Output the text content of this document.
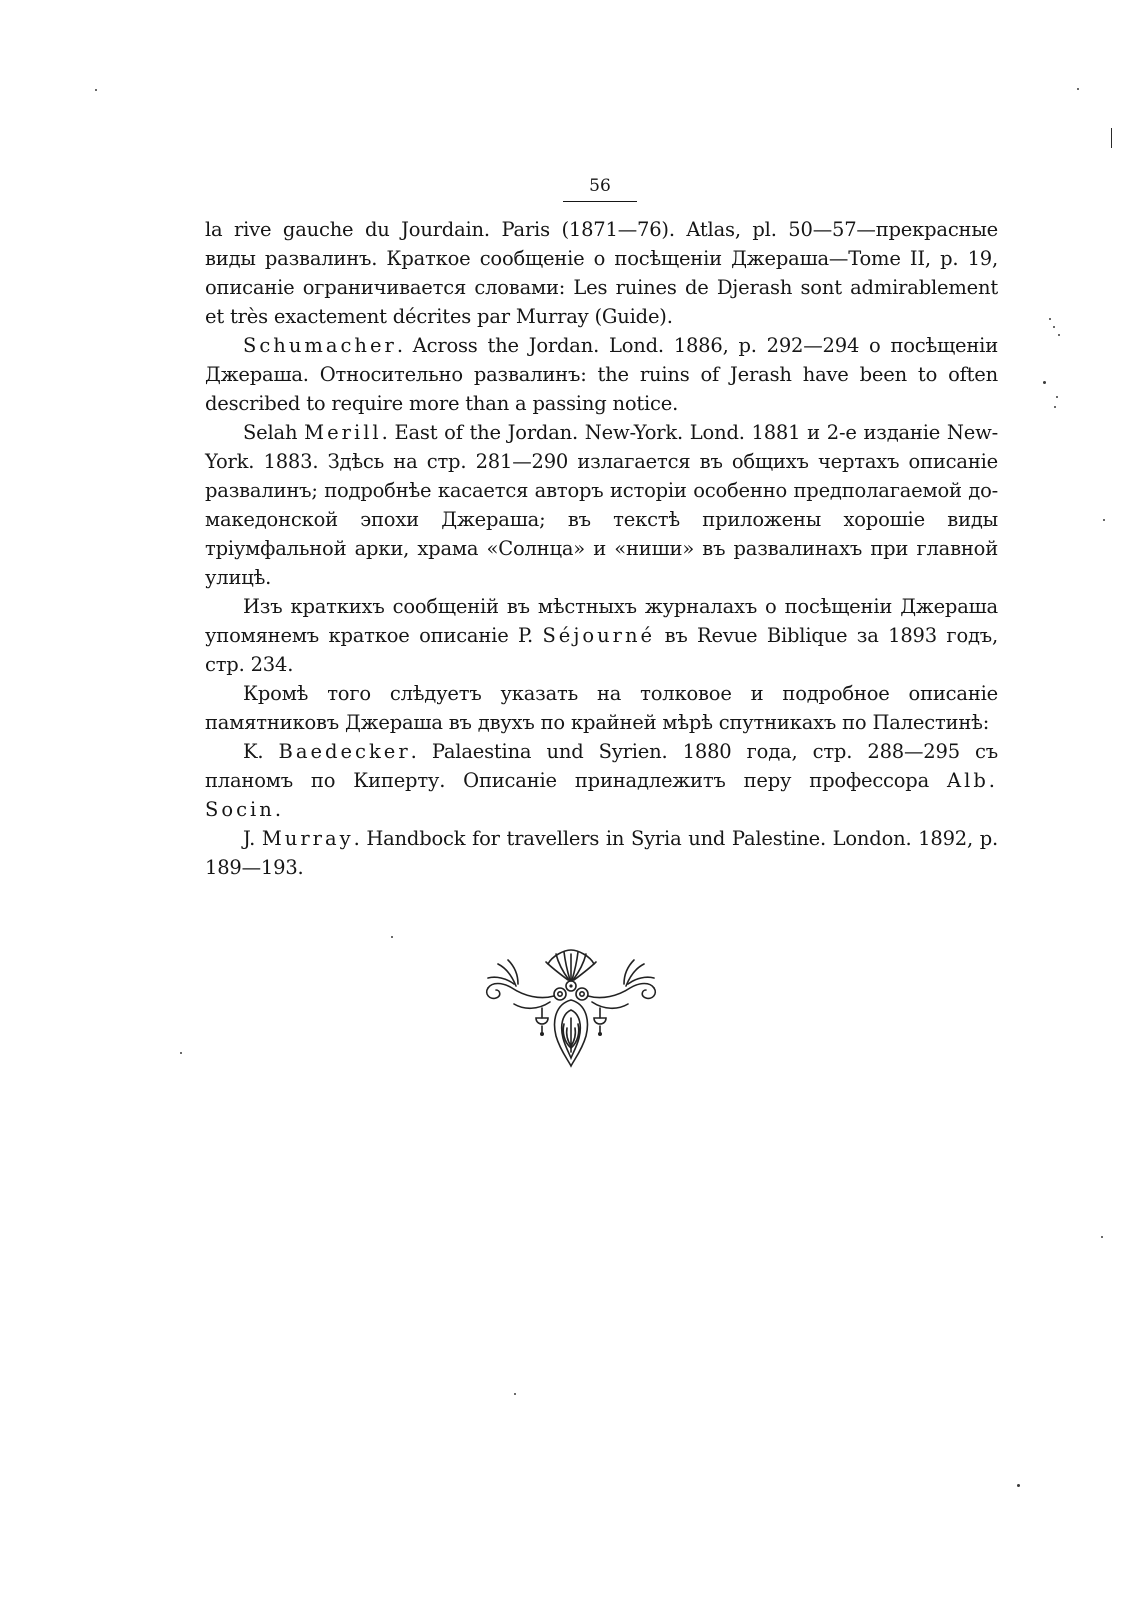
56

la rive gauche du Jourdain. Paris (1871—76). Atlas, pl. 50—57—прекрасные виды развалинъ. Краткое сообщеніе о посѣщеніи Джераша—Tome II, p. 19, описаніе ограничивается словами: Les ruines de Djerash sont admirablement et très exactement décrites par Murray (Guide).

Schumacher. Across the Jordan. Lond. 1886, p. 292—294 о посѣщеніи Джераша. Относительно развалинъ: the ruins of Jerash have been to often described to require more than a passing notice.

Selah Merill. East of the Jordan. New-York. Lond. 1881 и 2-е изданіе New-York. 1883. Здѣсь на стр. 281—290 излагается въ общихъ чертахъ описаніе развалинъ; подробнѣе касается авторъ исторіи особенно предполагаемой до-македонской эпохи Джераша; въ текстѣ приложены хорошіе виды тріумфальной арки, храма «Солнца» и «ниши» въ развалинахъ при главной улицѣ.

Изъ краткихъ сообщеній въ мѣстныхъ журналахъ о посѣщеніи Джераша упомянемъ краткое описаніе P. Séjourné въ Revue Biblique за 1893 годъ, стр. 234.

Кромѣ того слѣдуетъ указать на толковое и подробное описаніе памятниковъ Джераша въ двухъ по крайней мѣрѣ спутникахъ по Палестинѣ:

K. Baedecker. Palaestina und Syrien. 1880 года, стр. 288—295 съ планомъ по Киперту. Описаніе принадлежитъ перу профессора Alb. Socin.

J. Murray. Handbock for travellers in Syria und Palestine. London. 1892, p. 189—193.
